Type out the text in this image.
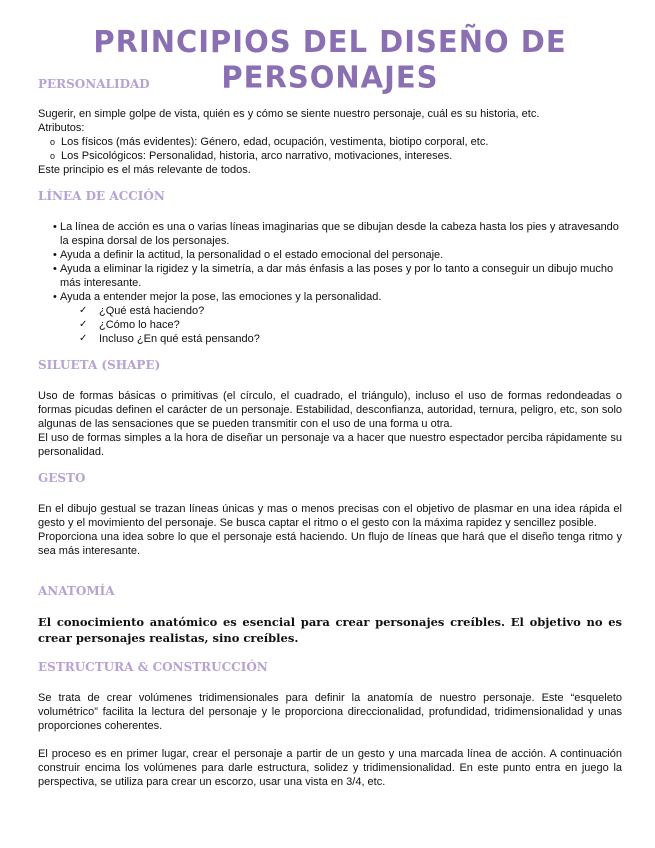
PRINCIPIOS DEL DISEÑO DE PERSONAJES
PERSONALIDAD

Sugerir, en simple golpe de vista, quién es y cómo se siente nuestro personaje, cuál es su historia, etc.

Atributos:

o Los físicos (más evidentes): Género, edad, ocupación, vestimenta, biotipo corporal, etc.
o Los Psicológicos: Personalidad, historia, arco narrativo, motivaciones, intereses.

Este principio es el más relevante de todos.

LÍNEA DE ACCIÓN
• La línea de acción es una o varias líneas imaginarias que se dibujan desde la cabeza hasta los pies y atravesando la espina dorsal de los personajes.
• Ayuda a definir la actitud, la personalidad o el estado emocional del personaje.
• Ayuda a eliminar la rigidez y la simetría, a dar más énfasis a las poses y por lo tanto a conseguir un dibujo mucho más interesante.
• Ayuda a entender mejor la pose, las emociones y la personalidad.
✓ ¿Qué está haciendo?
✓ ¿Cómo lo hace?
✓ Incluso ¿En qué está pensando?
SILUETA (SHAPE)

Uso de formas básicas o primitivas (el círculo, el cuadrado, el triángulo), incluso el uso de formas redondeadas o formas picudas definen el carácter de un personaje. Estabilidad, desconfianza, autoridad, ternura, peligro, etc, son solo algunas de las sensaciones que se pueden transmitir con el uso de una forma u otra.

El uso de formas simples a la hora de diseñar un personaje va a hacer que nuestro espectador perciba rápidamente su personalidad.

GESTO

En el dibujo gestual se trazan líneas únicas y mas o menos precisas con el objetivo de plasmar en una idea rápida el gesto y el movimiento del personaje. Se busca captar el ritmo o el gesto con la máxima rapidez y sencillez posible.

Proporciona una idea sobre lo que el personaje está haciendo. Un flujo de líneas que hará que el diseño tenga ritmo y sea más interesante.

ANATOMÍA

El conocimiento anatómico es esencial para crear personajes creíbles. El objetivo no es crear personajes realistas, sino creíbles.

ESTRUCTURA & CONSTRUCCIÓN

Se trata de crear volúmenes tridimensionales para definir la anatomía de nuestro personaje. Este “esqueleto volumétrico” facilita la lectura del personaje y le proporciona direccionalidad, profundidad, tridimensionalidad y unas proporciones coherentes.

El proceso es en primer lugar, crear el personaje a partir de un gesto y una marcada línea de acción. A continuación construir encima los volúmenes para darle estructura, solidez y tridimensionalidad. En este punto entra en juego la perspectiva, se utiliza para crear un escorzo, usar una vista en 3/4, etc.
